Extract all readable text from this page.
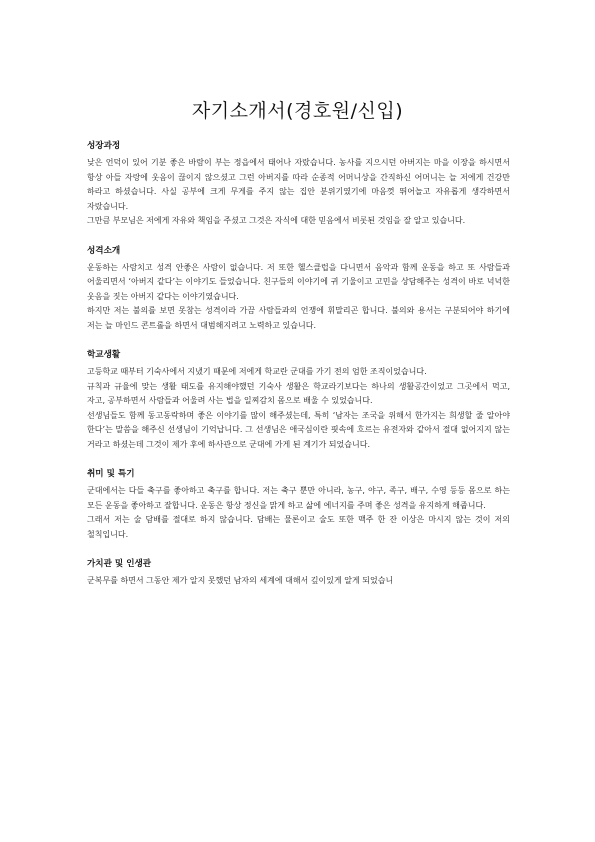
자기소개서(경호원/신입)
성장과정

낮은 언덕이 있어 기분 좋은 바람이 부는 정읍에서 태어나 자랐습니다. 농사를 지으시던 아버지는 마을 이장을 하시면서 항상 아들 자랑에 웃음이 끊이지 않으셨고 그런 아버지를 따라 순종적 어머니상을 간직하신 어머니는 늘 저에게 건강만 하라고 하셨습니다. 사실 공부에 크게 무게를 주지 않는 집안 분위기였기에 마음껏 뛰어놀고 자유롭게 생각하면서 자랐습니다.

그만큼 부모님은 저에게 자유와 책임을 주셨고 그것은 자식에 대한 믿음에서 비롯된 것임을 잘 알고 있습니다.

성격소개

운동하는 사람치고 성격 안좋은 사람이 없습니다. 저 또한 헬스클럽을 다니면서 음악과 함께 운동을 하고 또 사람들과 어울리면서 ‘아버지 같다’는 이야기도 들었습니다. 친구들의 이야기에 귀 기울이고 고민을 상담해주는 성격이 바로 넉넉한 웃음을 짓는 아버지 같다는 이야기였습니다.

하지만 저는 불의를 보면 못참는 성격이라 가끔 사람들과의 언쟁에 휘말리곤 합니다. 불의와 용서는 구분되어야 하기에 저는 늘 마인드 콘트롤을 하면서 대범해지려고 노력하고 있습니다.

학교생활

고등학교 때부터 기숙사에서 지냈기 때문에 저에게 학교란 군대를 가기 전의 엄한 조직이었습니다.

규칙과 규율에 맞는 생활 태도를 유지해야했던 기숙사 생활은 학교라기보다는 하나의 생활공간이었고 그곳에서 먹고, 자고, 공부하면서 사람들과 어울려 사는 법을 일찌감치 몸으로 배울 수 있었습니다.

선생님들도 함께 동고동락하며 좋은 이야기를 많이 해주셨는데, 특히 ‘남자는 조국을 위해서 한가지는 희생할 줄 알아야 한다’는 말씀을 해주신 선생님이 기억납니다. 그 선생님은 애국심이란 핏속에 흐르는 유전자와 같아서 절대 없어지지 않는 거라고 하셨는데 그것이 제가 후에 하사관으로 군대에 가게 된 계기가 되었습니다.

취미 및 특기

군대에서는 다들 축구를 좋아하고 축구를 합니다. 저는 축구 뿐만 아니라, 농구, 야구, 족구, 배구, 수영 등등 몸으로 하는 모든 운동을 좋아하고 잘합니다. 운동은 항상 정신을 맑게 하고 삶에 에너지를 주며 좋은 성격을 유지하게 해줍니다.

그래서 저는 술 담배를 절대로 하지 않습니다. 담배는 물론이고 술도 또한 맥주 한 잔 이상은 마시지 않는 것이 저의 철칙입니다.

가치관 및 인생관

군복무를 하면서 그동안 제가 알지 못했던 남자의 세계에 대해서 깊이있게 알게 되었습니
